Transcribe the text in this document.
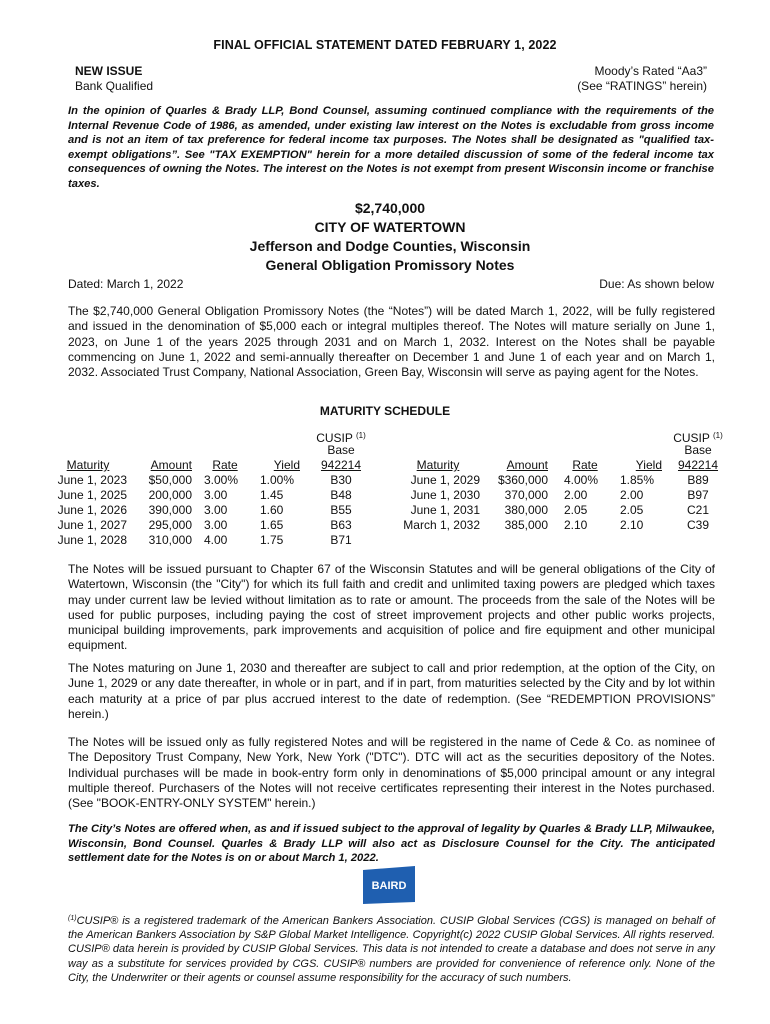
FINAL OFFICIAL STATEMENT DATED FEBRUARY 1, 2022
NEW ISSUE
Bank Qualified
Moody’s Rated “Aa3”
(See “RATINGS” herein)
In the opinion of Quarles & Brady LLP, Bond Counsel, assuming continued compliance with the requirements of the Internal Revenue Code of 1986, as amended, under existing law interest on the Notes is excludable from gross income and is not an item of tax preference for federal income tax purposes. The Notes shall be designated as "qualified tax-exempt obligations”. See "TAX EXEMPTION" herein for a more detailed discussion of some of the federal income tax consequences of owning the Notes. The interest on the Notes is not exempt from present Wisconsin income or franchise taxes.
$2,740,000
CITY OF WATERTOWN
Jefferson and Dodge Counties, Wisconsin
General Obligation Promissory Notes
Dated: March 1, 2022	Due: As shown below
The $2,740,000 General Obligation Promissory Notes (the “Notes”) will be dated March 1, 2022, will be fully registered and issued in the denomination of $5,000 each or integral multiples thereof. The Notes will mature serially on June 1, 2023, on June 1 of the years 2025 through 2031 and on March 1, 2032. Interest on the Notes shall be payable commencing on June 1, 2022 and semi-annually thereafter on December 1 and June 1 of each year and on March 1, 2032. Associated Trust Company, National Association, Green Bay, Wisconsin will serve as paying agent for the Notes.
MATURITY SCHEDULE
Maturity
June 1, 2023
June 1, 2025
June 1, 2026
June 1, 2027
June 1, 2028
Amount
$50,000
200,000
390,000
295,000
310,000
Rate
3.00%
3.00
3.00
3.00
4.00
Yield
1.00%
1.45
1.60
1.65
1.75
CUSIP $^{(1)}$
Base
942214
B30
B48
B55
B63
B71
Maturity
June 1, 2029
June 1, 2030
June 1, 2031
March 1, 2032
Amount
$360,000
370,000
380,000
385,000
Rate
4.00%
2.00
2.05
2.10
Yield
1.85%
2.00
2.05
2.10
CUSIP $^{(1)}$
Base
942214
B89
B97
C21
C39
The Notes will be issued pursuant to Chapter 67 of the Wisconsin Statutes and will be general obligations of the City of Watertown, Wisconsin (the "City") for which its full faith and credit and unlimited taxing powers are pledged which taxes may under current law be levied without limitation as to rate or amount. The proceeds from the sale of the Notes will be used for public purposes, including paying the cost of street improvement projects and other public works projects, municipal building improvements, park improvements and acquisition of police and fire equipment and other municipal equipment.
The Notes maturing on June 1, 2030 and thereafter are subject to call and prior redemption, at the option of the City, on June 1, 2029 or any date thereafter, in whole or in part, and if in part, from maturities selected by the City and by lot within each maturity at a price of par plus accrued interest to the date of redemption. (See “REDEMPTION PROVISIONS” herein.)
The Notes will be issued only as fully registered Notes and will be registered in the name of Cede & Co. as nominee of The Depository Trust Company, New York, New York ("DTC"). DTC will act as the securities depository of the Notes. Individual purchases will be made in book-entry form only in denominations of $5,000 principal amount or any integral multiple thereof. Purchasers of the Notes will not receive certificates representing their interest in the Notes purchased. (See "BOOK-ENTRY-ONLY SYSTEM" herein.)
The City’s Notes are offered when, as and if issued subject to the approval of legality by Quarles & Brady LLP, Milwaukee, Wisconsin, Bond Counsel. Quarles & Brady LLP will also act as Disclosure Counsel for the City. The anticipated settlement date for the Notes is on or about March 1, 2022.
BAIRD
$^{(1)}$CUSIP® is a registered trademark of the American Bankers Association. CUSIP Global Services (CGS) is managed on behalf of the American Bankers Association by S&P Global Market Intelligence. Copyright(c) 2022 CUSIP Global Services. All rights reserved. CUSIP® data herein is provided by CUSIP Global Services. This data is not intended to create a database and does not serve in any way as a substitute for services provided by CGS. CUSIP® numbers are provided for convenience of reference only. None of the City, the Underwriter or their agents or counsel assume responsibility for the accuracy of such numbers.
